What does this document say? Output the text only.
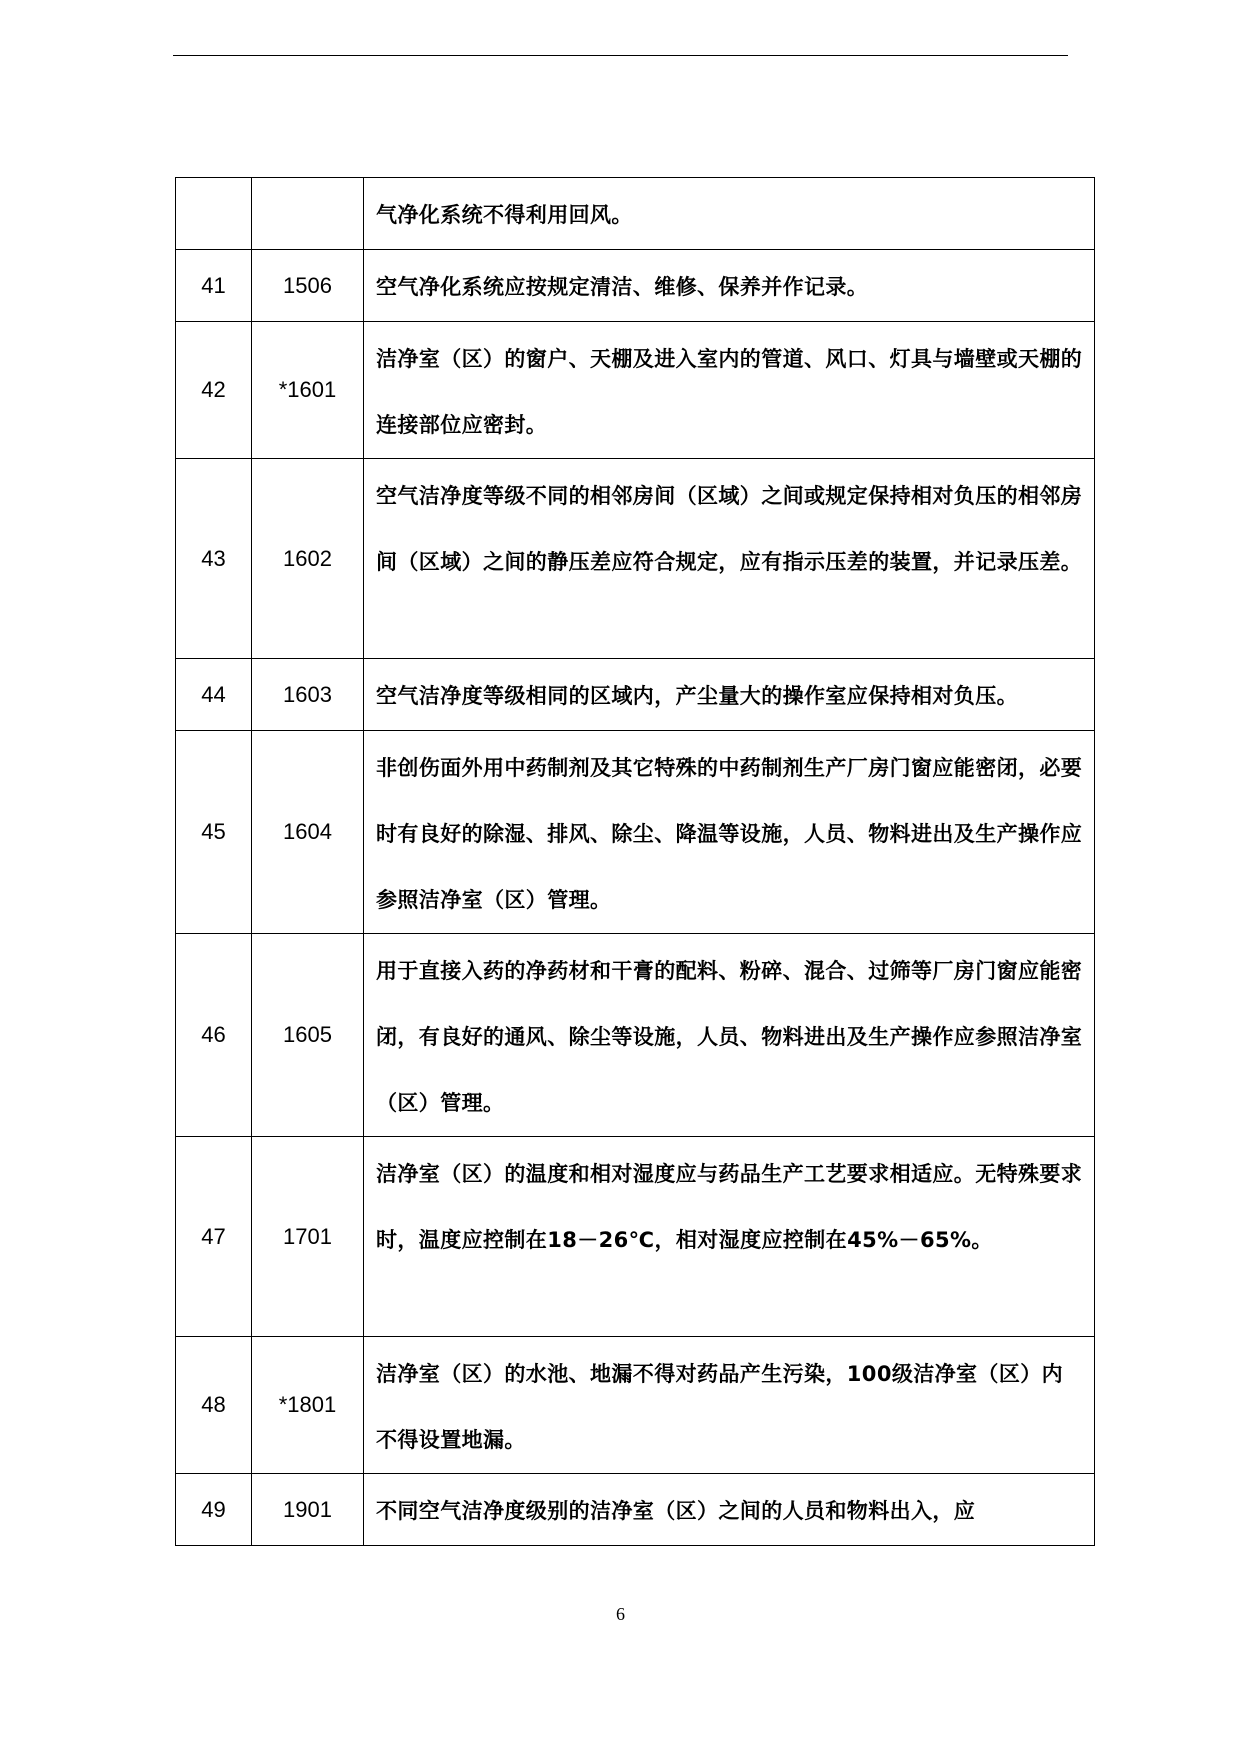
		气净化系统不得利用回风。
41	1506	空气净化系统应按规定清洁、维修、保养并作记录。
42	*1601	洁净室（区）的窗户、天棚及进入室内的管道、风口、灯具与墙壁或天棚的连接部位应密封。
43	1602	空气洁净度等级不同的相邻房间（区域）之间或规定保持相对负压的相邻房间（区域）之间的静压差应符合规定，应有指示压差的装置，并记录压差。
44	1603	空气洁净度等级相同的区域内，产尘量大的操作室应保持相对负压。
45	1604	非创伤面外用中药制剂及其它特殊的中药制剂生产厂房门窗应能密闭，必要时有良好的除湿、排风、除尘、降温等设施，人员、物料进出及生产操作应参照洁净室（区）管理。
46	1605	用于直接入药的净药材和干膏的配料、粉碎、混合、过筛等厂房门窗应能密闭，有良好的通风、除尘等设施，人员、物料进出及生产操作应参照洁净室（区）管理。
47	1701	洁净室（区）的温度和相对湿度应与药品生产工艺要求相适应。无特殊要求时，温度应控制在18－26℃，相对湿度应控制在45%－65%。
48	*1801	洁净室（区）的水池、地漏不得对药品产生污染，100级洁净室（区）内不得设置地漏。
49	1901	不同空气洁净度级别的洁净室（区）之间的人员和物料出入，应
6
